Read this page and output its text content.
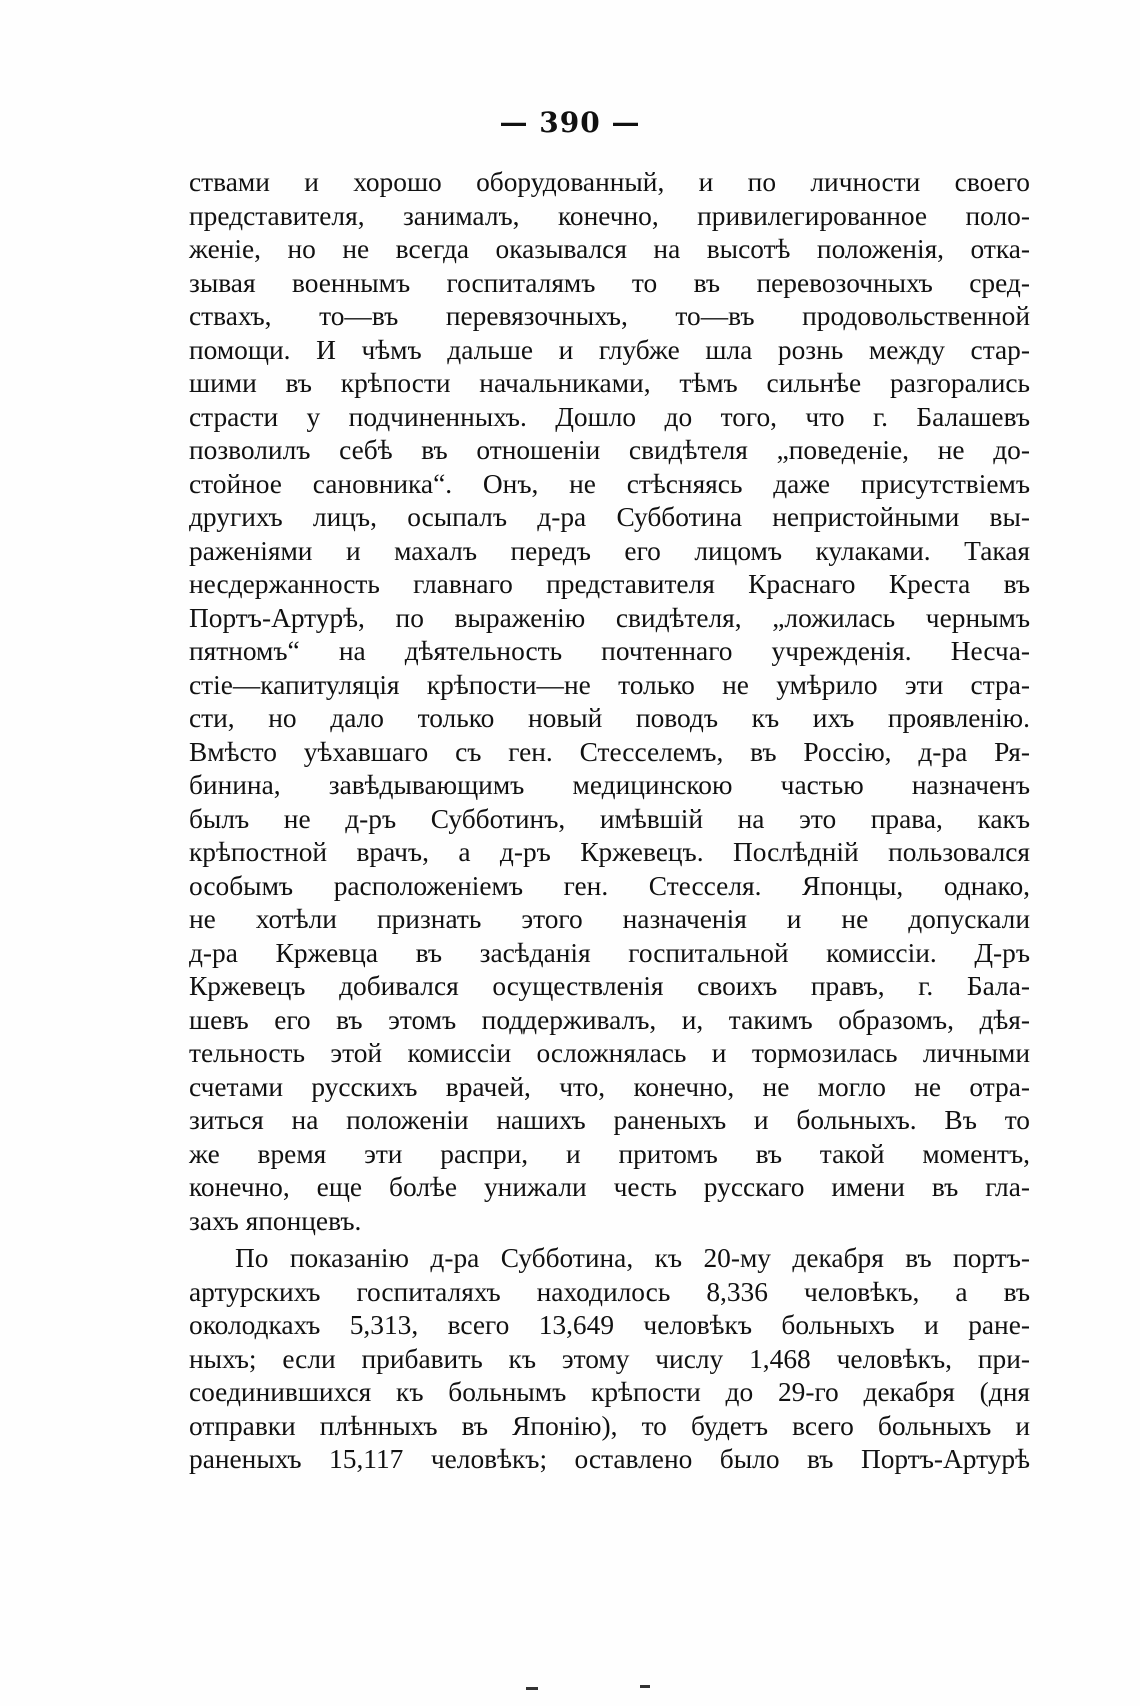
— 390 —
ствами и хорошо оборудованный, и по личности своего
представителя, занималъ, конечно, привилегированное поло-
женіе, но не всегда оказывался на высотѣ положенія, отка-
зывая военнымъ госпиталямъ то въ перевозочныхъ сред-
ствахъ, то—въ перевязочныхъ, то—въ продовольственной
помощи. И чѣмъ дальше и глубже шла рознь между стар-
шими въ крѣпости начальниками, тѣмъ сильнѣе разгорались
страсти у подчиненныхъ. Дошло до того, что г. Балашевъ
позволилъ себѣ въ отношеніи свидѣтеля „поведеніе, не до-
стойное сановника“. Онъ, не стѣсняясь даже присутствіемъ
другихъ лицъ, осыпалъ д-ра Субботина непристойными вы-
раженіями и махалъ передъ его лицомъ кулаками. Такая
несдержанность главнаго представителя Краснаго Креста въ
Портъ-Артурѣ, по выраженію свидѣтеля, „ложилась чернымъ
пятномъ“ на дѣятельность почтеннаго учрежденія. Несча-
стіе—капитуляція крѣпости—не только не умѣрило эти стра-
сти, но дало только новый поводъ къ ихъ проявленію.
Вмѣсто уѣхавшаго съ ген. Стесселемъ, въ Россію, д-ра Ря-
бинина, завѣдывающимъ медицинскою частью назначенъ
былъ не д-ръ Субботинъ, имѣвшій на это права, какъ
крѣпостной врачъ, а д-ръ Кржевецъ. Послѣдній пользовался
особымъ расположеніемъ ген. Стесселя. Японцы, однако,
не хотѣли признать этого назначенія и не допускали
д-ра Кржевца въ засѣданія госпитальной комиссіи. Д-ръ
Кржевецъ добивался осуществленія своихъ правъ, г. Бала-
шевъ его въ этомъ поддерживалъ, и, такимъ образомъ, дѣя-
тельность этой комиссіи осложнялась и тормозилась личными
счетами русскихъ врачей, что, конечно, не могло не отра-
зиться на положеніи нашихъ раненыхъ и больныхъ. Въ то
же время эти распри, и притомъ въ такой моментъ,
конечно, еще болѣе унижали честь русскаго имени въ гла-
захъ японцевъ.
По показанію д-ра Субботина, къ 20-му декабря въ портъ-
артурскихъ госпиталяхъ находилось 8,336 человѣкъ, а въ
околодкахъ 5,313, всего 13,649 человѣкъ больныхъ и ране-
ныхъ; если прибавить къ этому числу 1,468 человѣкъ, при-
соединившихся къ больнымъ крѣпости до 29-го декабря (дня
отправки плѣнныхъ въ Японію), то будетъ всего больныхъ и
раненыхъ 15,117 человѣкъ; оставлено было въ Портъ-Артурѣ
